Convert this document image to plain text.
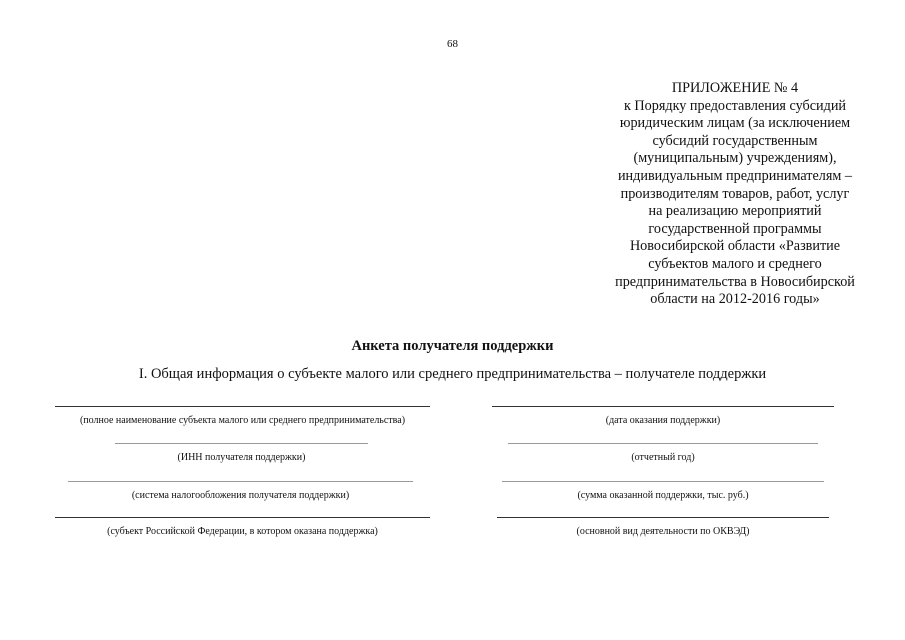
68
ПРИЛОЖЕНИЕ № 4
к Порядку предоставления субсидий
юридическим лицам (за исключением
субсидий государственным
(муниципальным) учреждениям),
индивидуальным предпринимателям –
производителям товаров, работ, услуг
на реализацию мероприятий
государственной программы
Новосибирской области «Развитие
субъектов малого и среднего
предпринимательства в Новосибирской
области на 2012-2016 годы»
Анкета получателя поддержки
I. Общая информация о субъекте малого или среднего предпринимательства – получателе поддержки
(полное наименование субъекта малого или среднего предпринимательства)
(ИНН получателя поддержки)
(система налогообложения получателя поддержки)
(субъект Российской Федерации, в котором оказана поддержка)
(дата оказания поддержки)
(отчетный год)
(сумма оказанной поддержки, тыс. руб.)
(основной вид деятельности по ОКВЭД)
